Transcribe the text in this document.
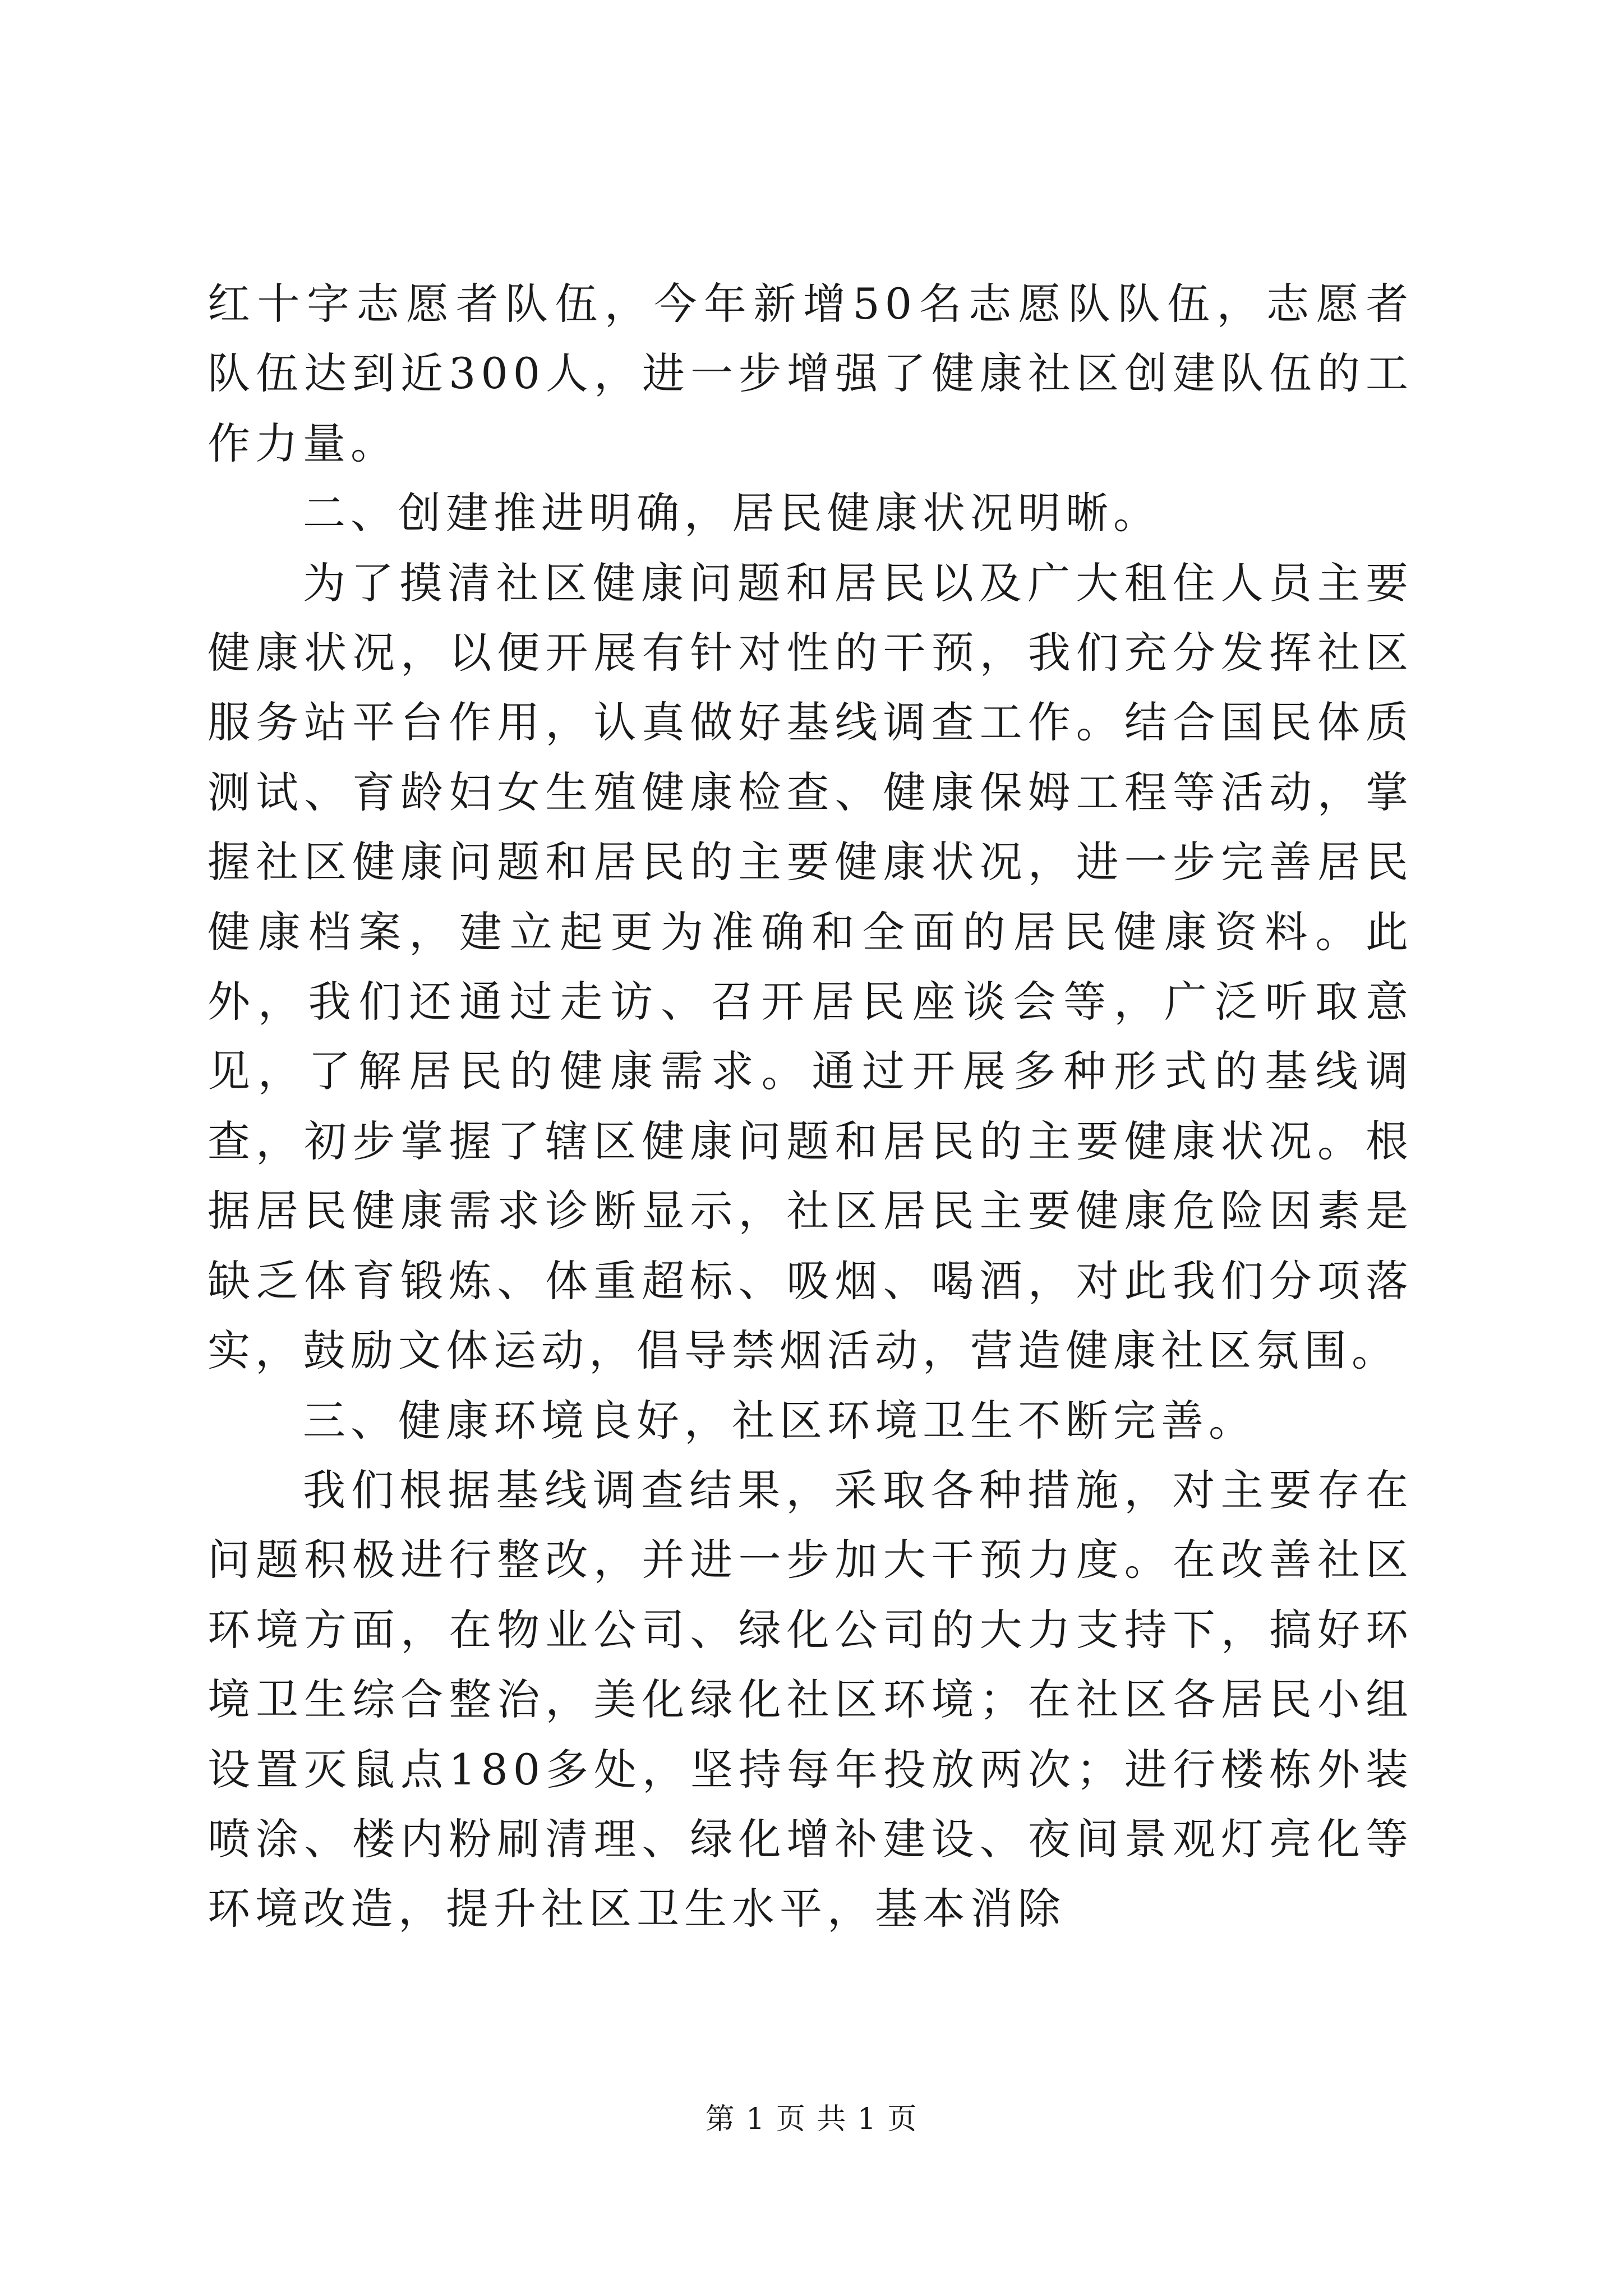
红十字志愿者队伍，今年新增50名志愿队队伍，志愿者队伍达到近300人，进一步增强了健康社区创建队伍的工作力量。

二、创建推进明确，居民健康状况明晰。

为了摸清社区健康问题和居民以及广大租住人员主要健康状况，以便开展有针对性的干预，我们充分发挥社区服务站平台作用，认真做好基线调查工作。结合国民体质测试、育龄妇女生殖健康检查、健康保姆工程等活动，掌握社区健康问题和居民的主要健康状况，进一步完善居民健康档案，建立起更为准确和全面的居民健康资料。此外，我们还通过走访、召开居民座谈会等，广泛听取意见，了解居民的健康需求。通过开展多种形式的基线调查，初步掌握了辖区健康问题和居民的主要健康状况。根据居民健康需求诊断显示，社区居民主要健康危险因素是缺乏体育锻炼、体重超标、吸烟、喝酒，对此我们分项落实，鼓励文体运动，倡导禁烟活动，营造健康社区氛围。

三、健康环境良好，社区环境卫生不断完善。

我们根据基线调查结果，采取各种措施，对主要存在问题积极进行整改，并进一步加大干预力度。在改善社区环境方面，在物业公司、绿化公司的大力支持下，搞好环境卫生综合整治，美化绿化社区环境；在社区各居民小组设置灭鼠点180多处，坚持每年投放两次；进行楼栋外装喷涂、楼内粉刷清理、绿化增补建设、夜间景观灯亮化等环境改造，提升社区卫生水平，基本消除

第 1 页 共 1 页
